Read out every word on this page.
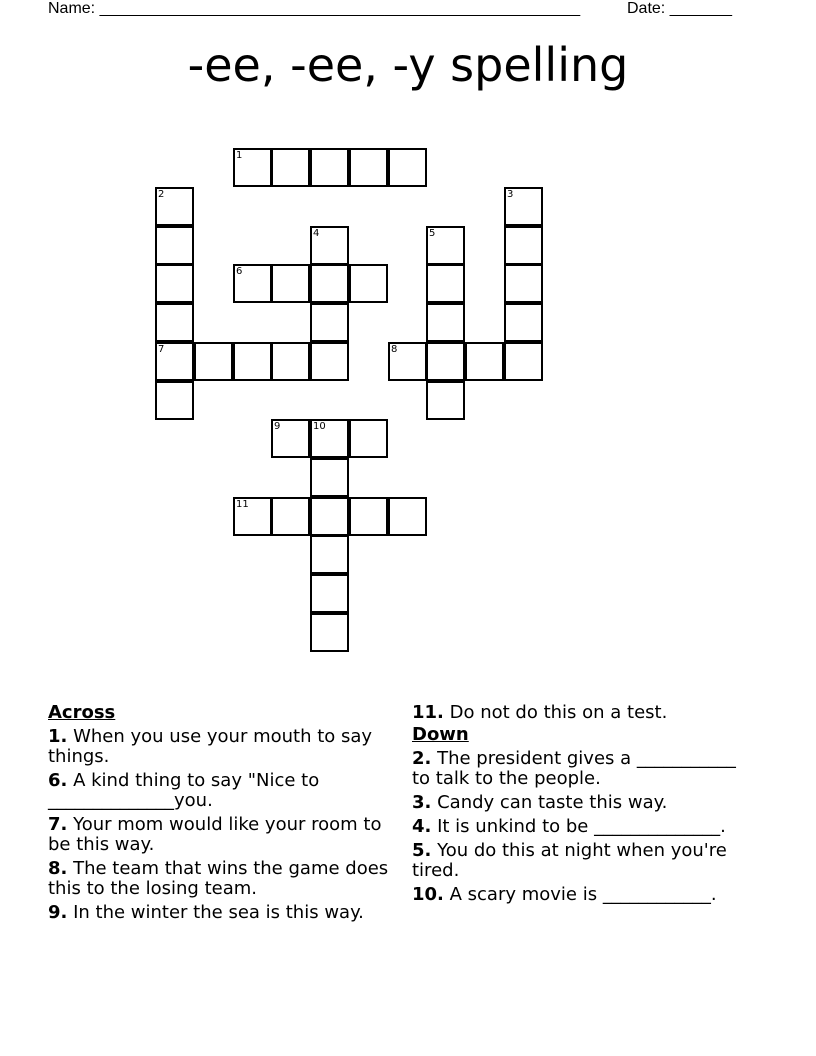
Name: ______________________________________________________	Date: _______
-ee, -ee, -y spelling
1
2	3
4	5
6
7	8
9	10
11
Across
1. When you use your mouth to say things.
6. A kind thing to say "Nice to ______________you.
7. Your mom would like your room to be this way.
8. The team that wins the game does this to the losing team.
9. In the winter the sea is this way.
11. Do not do this on a test.
Down
2. The president gives a ___________ to talk to the people.
3. Candy can taste this way.
4. It is unkind to be ______________.
5. You do this at night when you're tired.
10. A scary movie is ____________.
